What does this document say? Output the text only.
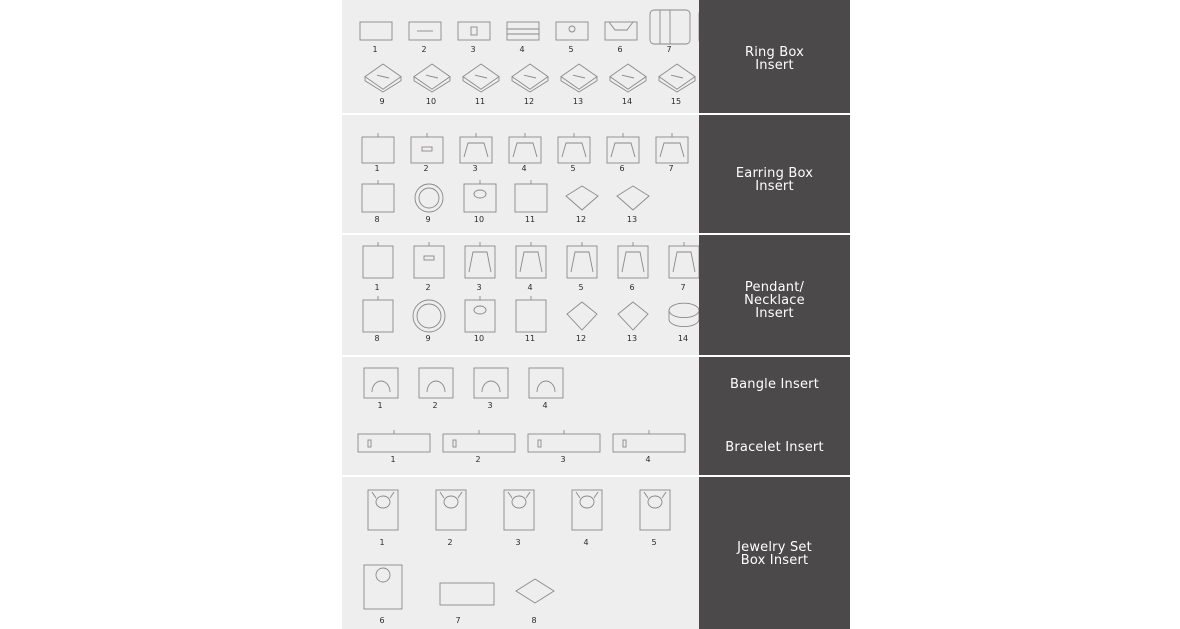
1	2	3	4	5	6	7
9	10	11	12	13	14	15
1	2	3	4	5	6	7
8	9	10	11	12	13
1	2	3	4	5	6	7
8	9	10	11	12	13	14
1	2	3	4
1	2	3	4
1	2	3	4	5
6	7	8
Ring Box
Insert
Earring Box
Insert
Pendant/
Necklace
Insert
Bangle Insert
Bracelet Insert
Jewelry Set
Box Insert
